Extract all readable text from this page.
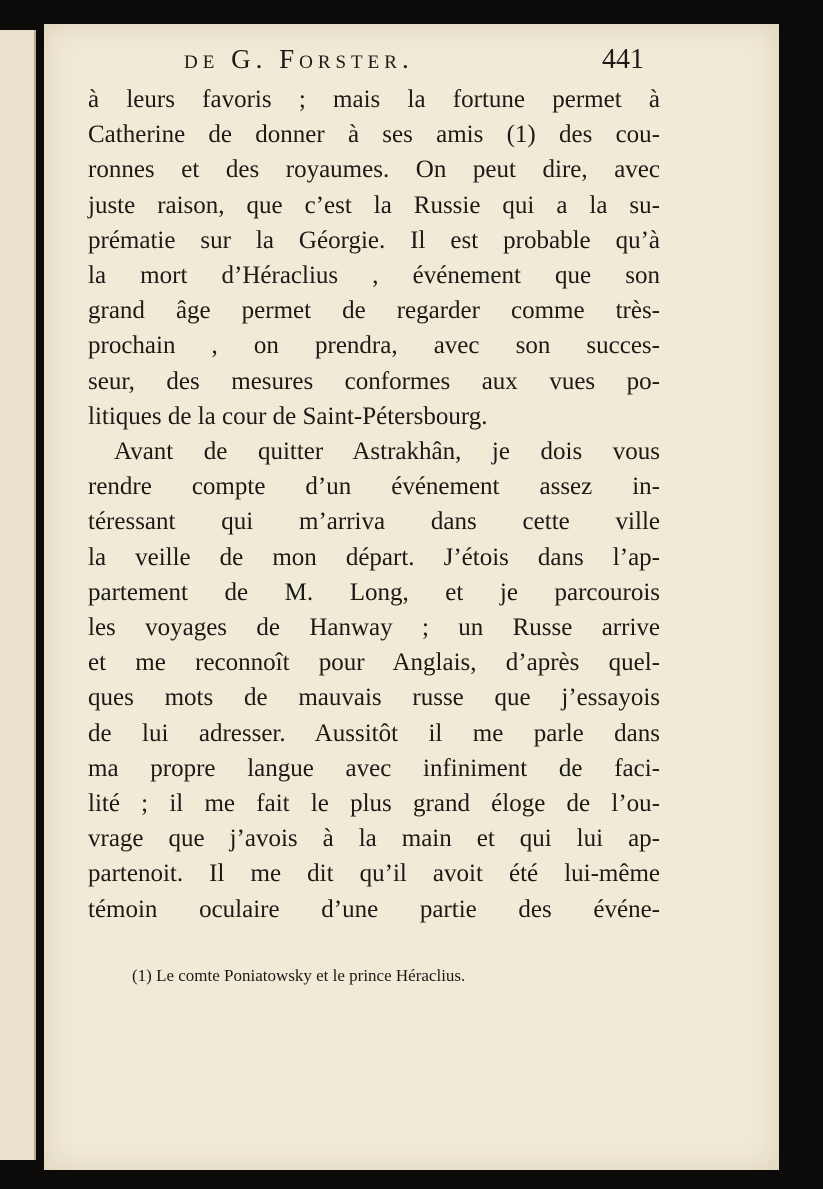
de G. Forster.	441
à leurs favoris ; mais la fortune permet à
Catherine de donner à ses amis (1) des cou-
ronnes et des royaumes. On peut dire, avec
juste raison, que c’est la Russie qui a la su-
prématie sur la Géorgie. Il est probable qu’à
la mort d’Héraclius , événement que son
grand âge permet de regarder comme très-
prochain , on prendra, avec son succes-
seur, des mesures conformes aux vues po-
litiques de la cour de Saint-Pétersbourg.
Avant de quitter Astrakhân, je dois vous
rendre compte d’un événement assez in-
téressant qui m’arriva dans cette ville
la veille de mon départ. J’étois dans l’ap-
partement de M. Long, et je parcourois
les voyages de Hanway ; un Russe arrive
et me reconnoît pour Anglais, d’après quel-
ques mots de mauvais russe que j’essayois
de lui adresser. Aussitôt il me parle dans
ma propre langue avec infiniment de faci-
lité ; il me fait le plus grand éloge de l’ou-
vrage que j’avois à la main et qui lui ap-
partenoit. Il me dit qu’il avoit été lui-même
témoin oculaire d’une partie des événe-
(1) Le comte Poniatowsky et le prince Héraclius.
